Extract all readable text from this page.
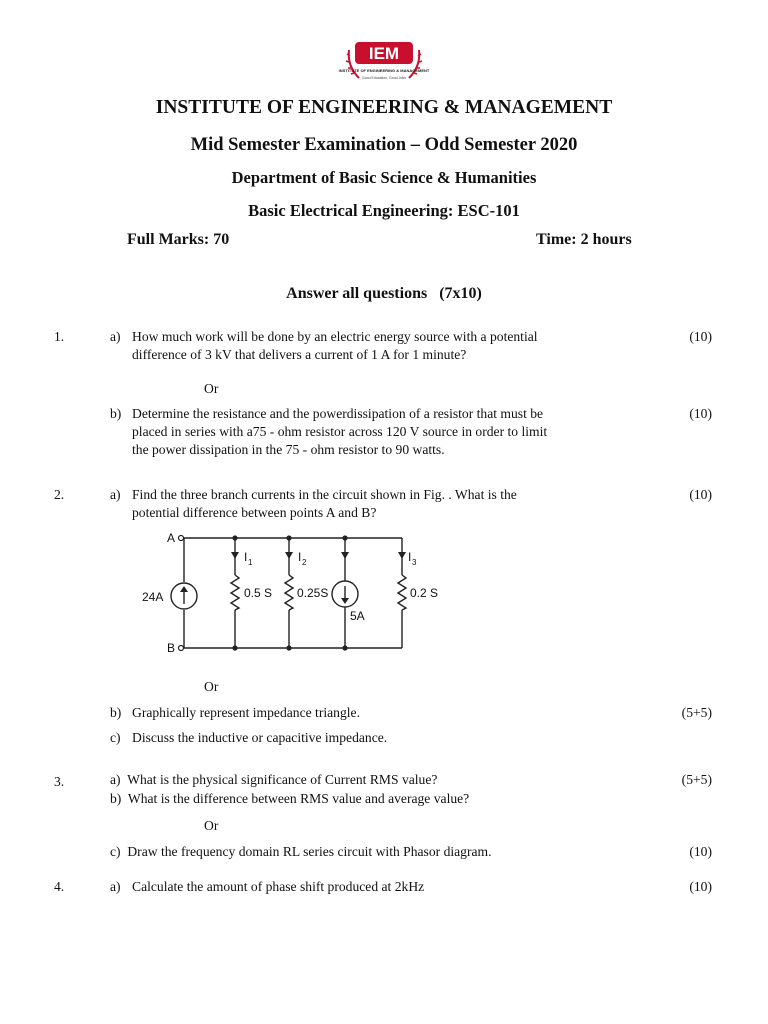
IEM
INSTITUTE OF ENGINEERING & MANAGEMENT
Good Education, Good Jobs
INSTITUTE OF ENGINEERING & MANAGEMENT
Mid Semester Examination – Odd Semester 2020
Department of Basic Science & Humanities
Basic Electrical Engineering: ESC-101
Full Marks: 70	Time: 2 hours
Answer all questions   (7x10)
1.	a) How much work will be done by an electric energy source with a potential
difference of 3 kV that delivers a current of 1 A for 1 minute?
(10)
Or
b) Determine the resistance and the powerdissipation of a resistor that must be
placed in series with a75 - ohm resistor across 120 V source in order to limit
the power dissipation in the 75 - ohm resistor to 90 watts.
(10)
2.	a) Find the three branch currents in the circuit shown in Fig. . What is the
potential difference between points A and B?
(10)
A
B
24A
I 1	I 2	I 3
0.5 S 0.25S
5A
0.2 S
Or
b) Graphically represent impedance triangle.	(5+5)
c) Discuss the inductive or capacitive impedance.
3.	a)  What is the physical significance of Current RMS value?	(5+5)
b)  What is the difference between RMS value and average value?
Or
c)  Draw the frequency domain RL series circuit with Phasor diagram.	(10)
4.	a) Calculate the amount of phase shift produced at 2kHz	(10)
